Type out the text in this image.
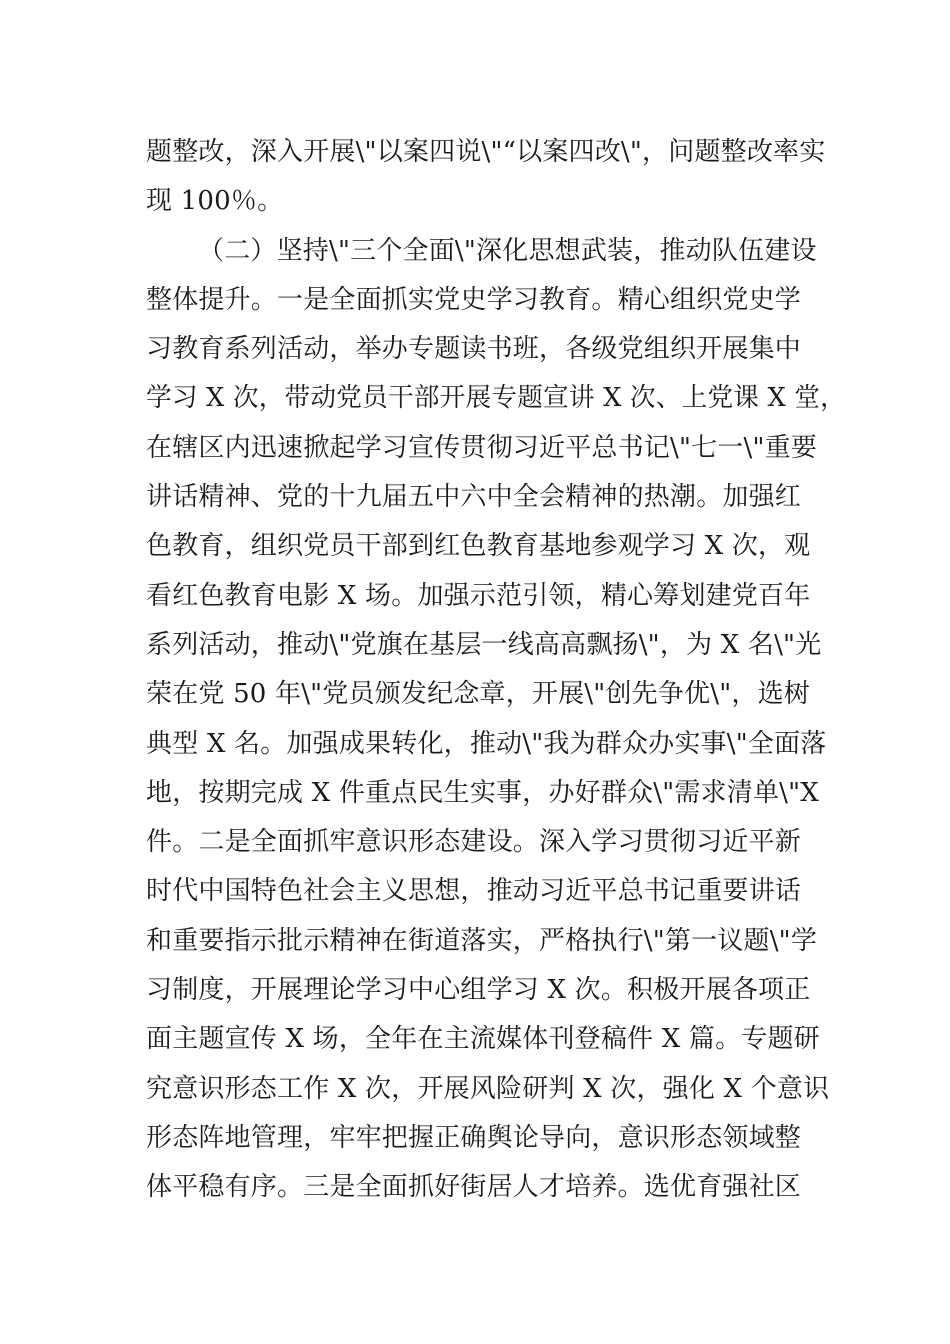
题整改，深入开展\"以案四说\"“以案四改\"，问题整改率实
现 100％。
（二）坚持\"三个全面\"深化思想武装，推动队伍建设
整体提升。一是全面抓实党史学习教育。精心组织党史学
习教育系列活动，举办专题读书班，各级党组织开展集中
学习 X 次，带动党员干部开展专题宣讲 X 次、上党课 X 堂，
在辖区内迅速掀起学习宣传贯彻习近平总书记\"七一\"重要
讲话精神、党的十九届五中六中全会精神的热潮。加强红
色教育，组织党员干部到红色教育基地参观学习 X 次，观
看红色教育电影 X 场。加强示范引领，精心筹划建党百年
系列活动，推动\"党旗在基层一线高高飘扬\"，为 X 名\"光
荣在党 50 年\"党员颁发纪念章，开展\"创先争优\"，选树
典型 X 名。加强成果转化，推动\"我为群众办实事\"全面落
地，按期完成 X 件重点民生实事，办好群众\"需求清单\"X
件。二是全面抓牢意识形态建设。深入学习贯彻习近平新
时代中国特色社会主义思想，推动习近平总书记重要讲话
和重要指示批示精神在街道落实，严格执行\"第一议题\"学
习制度，开展理论学习中心组学习 X 次。积极开展各项正
面主题宣传 X 场，全年在主流媒体刊登稿件 X 篇。专题研
究意识形态工作 X 次，开展风险研判 X 次，强化 X 个意识
形态阵地管理，牢牢把握正确舆论导向，意识形态领域整
体平稳有序。三是全面抓好街居人才培养。选优育强社区
